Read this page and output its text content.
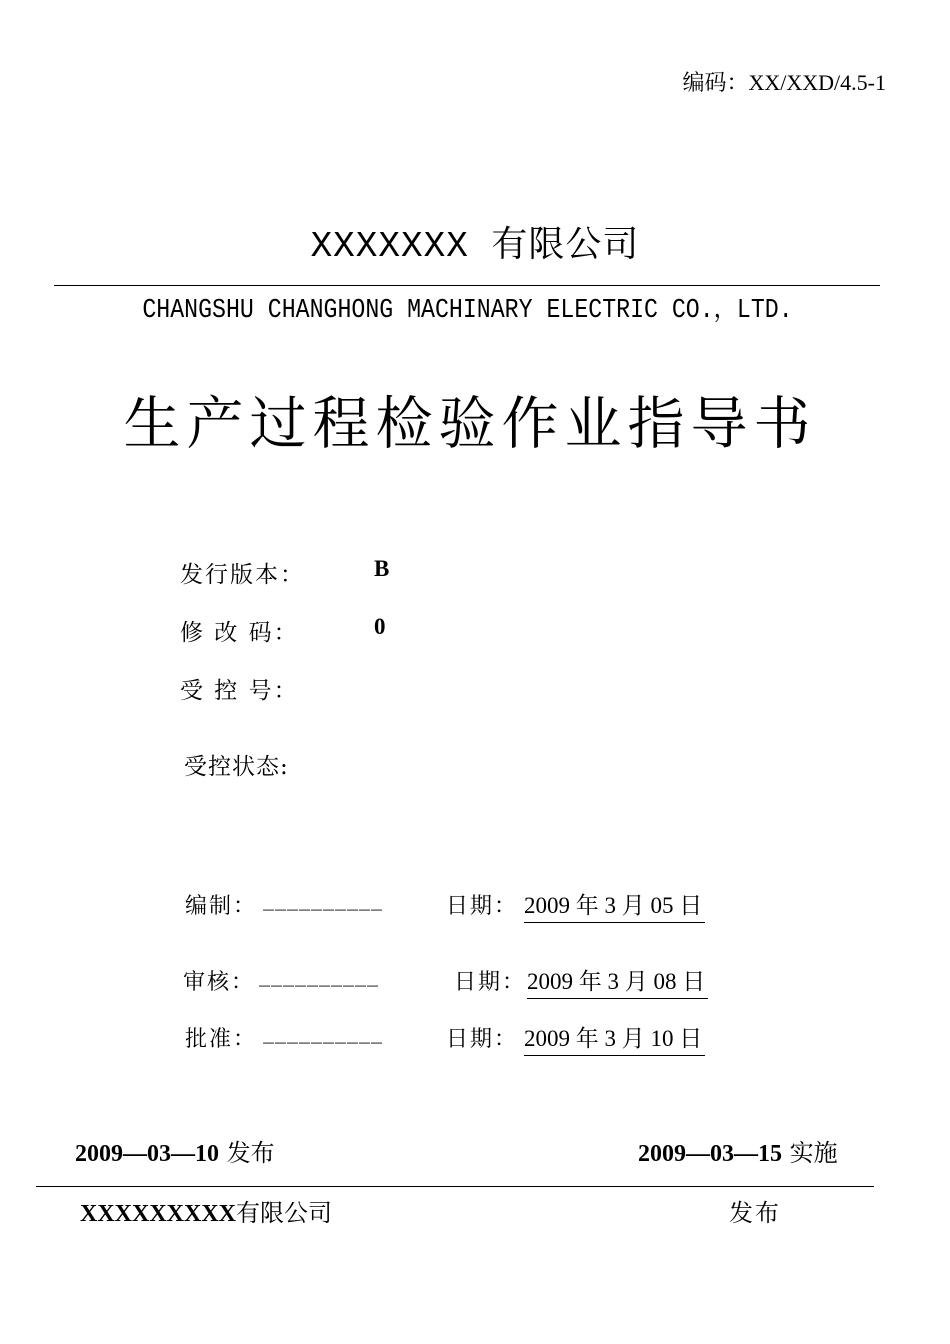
编码：XX/XXD/4.5-1
XXXXXXX 有限公司
CHANGSHU CHANGHONG MACHINARY ELECTRIC CO.，LTD.
生产过程检验作业指导书
发行版本：	B
修 改 码：	0
受 控 号：
受控状态:
编制： __________	日期： 2009 年 3 月 05 日
审核： __________	日期： 2009 年 3 月 08 日
批准： __________	日期： 2009 年 3 月 10 日
2009—03—10 发布	2009—03—15 实施
XXXXXXXXX有限公司	发布
